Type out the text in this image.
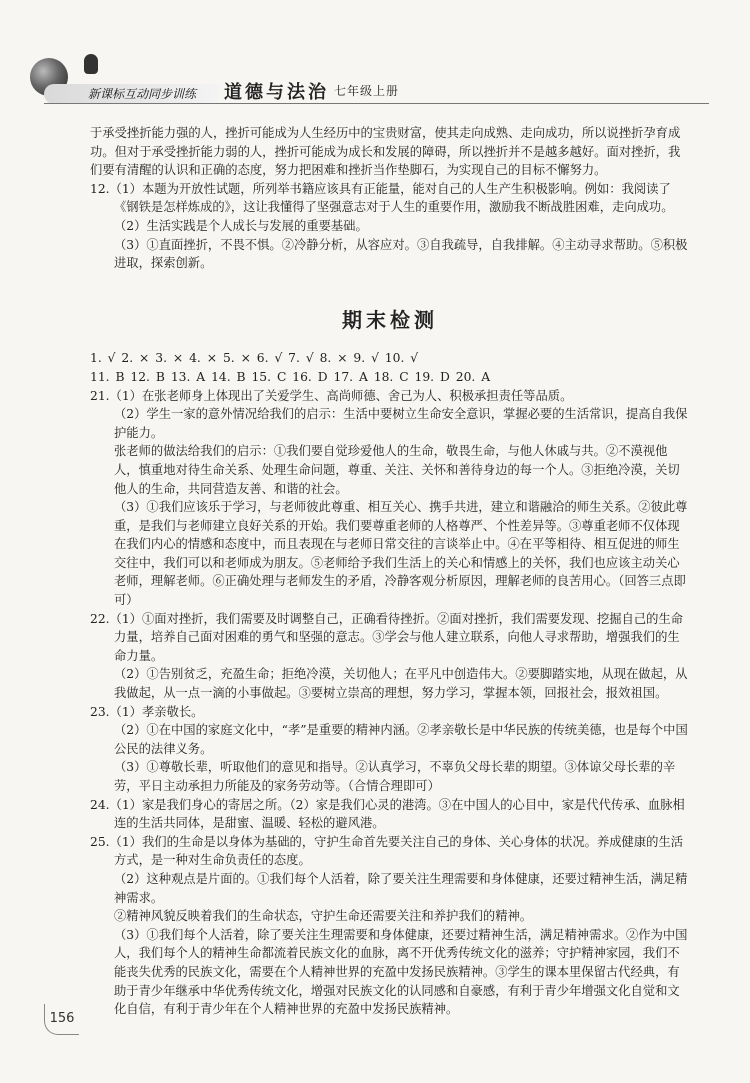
新课标互动同步训练 道德与法治 七年级上册

于承受挫折能力强的人，挫折可能成为人生经历中的宝贵财富，使其走向成熟、走向成功，所以说挫折孕育成功。但对于承受挫折能力弱的人，挫折可能成为成长和发展的障碍，所以挫折并不是越多越好。面对挫折，我们要有清醒的认识和正确的态度，努力把困难和挫折当作垫脚石，为实现自己的目标不懈努力。

12.（1）本题为开放性试题，所列举书籍应该具有正能量，能对自己的人生产生积极影响。例如：我阅读了《钢铁是怎样炼成的》，这让我懂得了坚强意志对于人生的重要作用，激励我不断战胜困难，走向成功。

（2）生活实践是个人成长与发展的重要基础。

（3）①直面挫折，不畏不惧。②冷静分析，从容应对。③自我疏导，自我排解。④主动寻求帮助。⑤积极进取，探索创新。

期末检测

1. √ 2. × 3. × 4. × 5. × 6. √ 7. √ 8. × 9. √ 10. √

11. B 12. B 13. A 14. B 15. C 16. D 17. A 18. C 19. D 20. A

21.（1）在张老师身上体现出了关爱学生、高尚师德、舍己为人、积极承担责任等品质。

（2）学生一家的意外情况给我们的启示：生活中要树立生命安全意识，掌握必要的生活常识，提高自我保护能力。

张老师的做法给我们的启示：①我们要自觉珍爱他人的生命，敬畏生命，与他人休戚与共。②不漠视他人，慎重地对待生命关系、处理生命问题，尊重、关注、关怀和善待身边的每一个人。③拒绝冷漠，关切他人的生命，共同营造友善、和谐的社会。

（3）①我们应该乐于学习，与老师彼此尊重、相互关心、携手共进，建立和谐融洽的师生关系。②彼此尊重，是我们与老师建立良好关系的开始。我们要尊重老师的人格尊严、个性差异等。③尊重老师不仅体现在我们内心的情感和态度中，而且表现在与老师日常交往的言谈举止中。④在平等相待、相互促进的师生交往中，我们可以和老师成为朋友。⑤老师给予我们生活上的关心和情感上的关怀，我们也应该主动关心老师，理解老师。⑥正确处理与老师发生的矛盾，冷静客观分析原因，理解老师的良苦用心。（回答三点即可）

22.（1）①面对挫折，我们需要及时调整自己，正确看待挫折。②面对挫折，我们需要发现、挖掘自己的生命力量，培养自己面对困难的勇气和坚强的意志。③学会与他人建立联系，向他人寻求帮助，增强我们的生命力量。

（2）①告别贫乏，充盈生命；拒绝冷漠，关切他人；在平凡中创造伟大。②要脚踏实地，从现在做起，从我做起，从一点一滴的小事做起。③要树立崇高的理想，努力学习，掌握本领，回报社会，报效祖国。

23.（1）孝亲敬长。

（2）①在中国的家庭文化中，“孝”是重要的精神内涵。②孝亲敬长是中华民族的传统美德，也是每个中国公民的法律义务。

（3）①尊敬长辈，听取他们的意见和指导。②认真学习，不辜负父母长辈的期望。③体谅父母长辈的辛劳，平日主动承担力所能及的家务劳动等。（合情合理即可）

24.（1）家是我们身心的寄居之所。（2）家是我们心灵的港湾。③在中国人的心目中，家是代代传承、血脉相连的生活共同体，是甜蜜、温暖、轻松的避风港。

25.（1）我们的生命是以身体为基础的，守护生命首先要关注自己的身体、关心身体的状况。养成健康的生活方式，是一种对生命负责任的态度。

（2）这种观点是片面的。①我们每个人活着，除了要关注生理需要和身体健康，还要过精神生活，满足精神需求。

②精神风貌反映着我们的生命状态，守护生命还需要关注和养护我们的精神。

（3）①我们每个人活着，除了要关注生理需要和身体健康，还要过精神生活，满足精神需求。②作为中国人，我们每个人的精神生命都流着民族文化的血脉，离不开优秀传统文化的滋养；守护精神家园，我们不能丧失优秀的民族文化，需要在个人精神世界的充盈中发扬民族精神。③学生的课本里保留古代经典，有助于青少年继承中华优秀传统文化，增强对民族文化的认同感和自豪感，有利于青少年增强文化自觉和文化自信，有利于青少年在个人精神世界的充盈中发扬民族精神。

156
